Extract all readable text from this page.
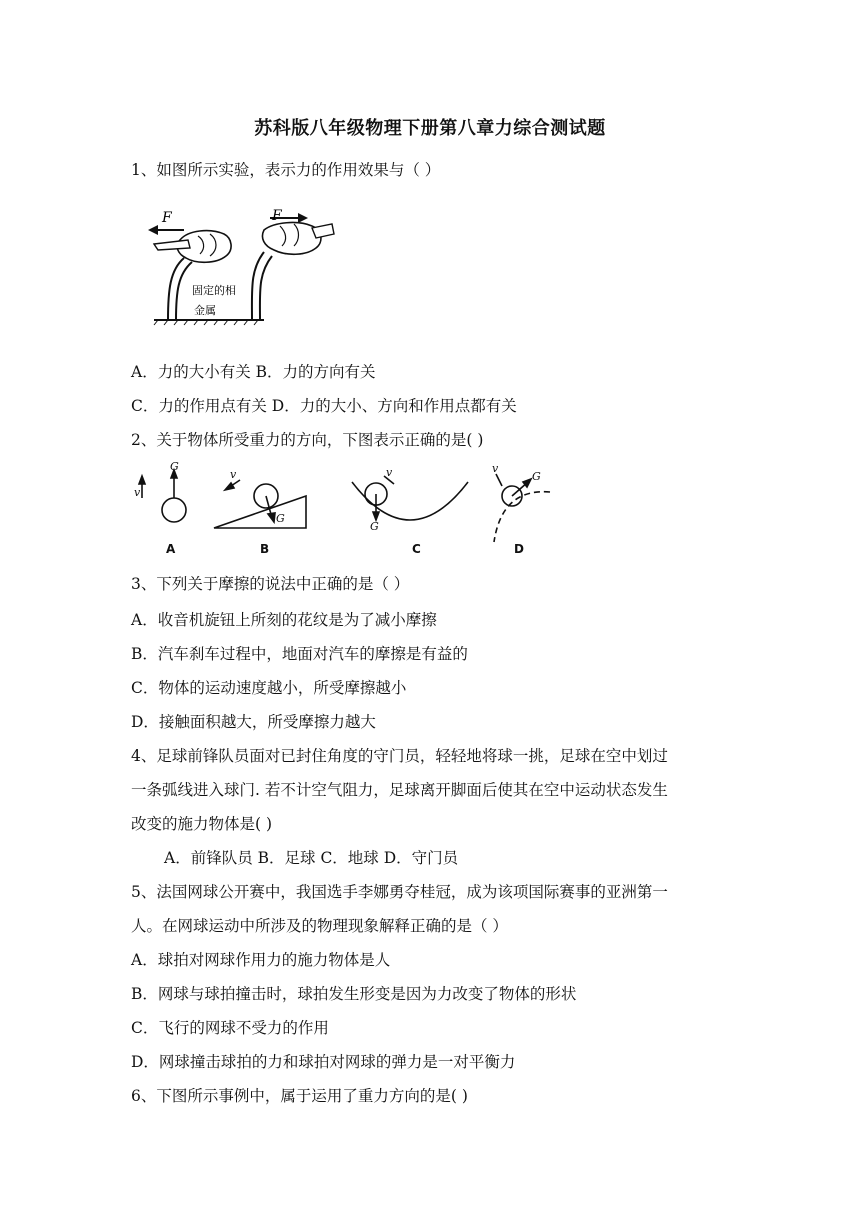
苏科版八年级物理下册第八章力综合测试题
1、如图所示实验，表示力的作用效果与（ ）
F	F
固定的相
金属
A．力的大小有关 B．力的方向有关
C．力的作用点有关 D．力的大小、方向和作用点都有关
2、关于物体所受重力的方向，下图表示正确的是( )
v
G
v
G
v
G
v
G
A	B	C	D
3、下列关于摩擦的说法中正确的是（ ）
A．收音机旋钮上所刻的花纹是为了减小摩擦
B．汽车刹车过程中，地面对汽车的摩擦是有益的
C．物体的运动速度越小，所受摩擦越小
D．接触面积越大，所受摩擦力越大
4、足球前锋队员面对已封住角度的守门员，轻轻地将球一挑，足球在空中划过
一条弧线进入球门. 若不计空气阻力，足球离开脚面后使其在空中运动状态发生
改变的施力物体是( )
A．前锋队员 B．足球 C．地球 D．守门员
5、法国网球公开赛中，我国选手李娜勇夺桂冠，成为该项国际赛事的亚洲第一
人。在网球运动中所涉及的物理现象解释正确的是（ ）
A．球拍对网球作用力的施力物体是人
B．网球与球拍撞击时，球拍发生形变是因为力改变了物体的形状
C．飞行的网球不受力的作用
D．网球撞击球拍的力和球拍对网球的弹力是一对平衡力
6、下图所示事例中，属于运用了重力方向的是( )
